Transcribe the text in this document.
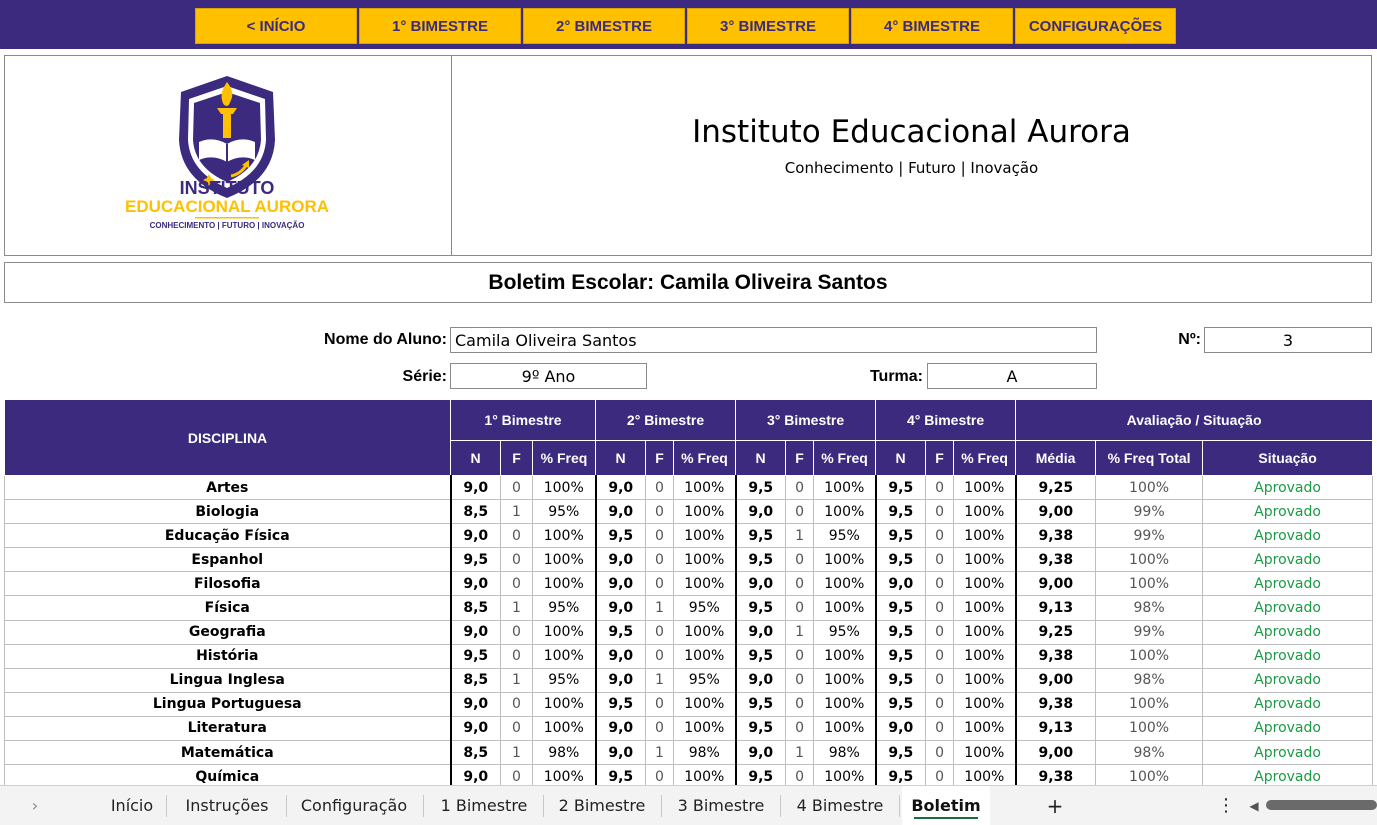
< INÍCIO	1° BIMESTRE	2° BIMESTRE	3° BIMESTRE	4° BIMESTRE	CONFIGURAÇÕES
INSTITUTO
EDUCACIONAL AURORA
CONHECIMENTO | FUTURO | INOVAÇÃO
Instituto Educacional Aurora
Conhecimento | Futuro | Inovação
Boletim Escolar: Camila Oliveira Santos
Nome do Aluno: Camila Oliveira Santos	Nº:	3
Série:	9º Ano	Turma:	A
DISCIPLINA	1° Bimestre			2° Bimestre			3° Bimestre			4° Bimestre			Avaliação / Situação		
	N	F	% Freq	N	F	% Freq	N	F	% Freq	N	F	% Freq	Média	% Freq Total	Situação
Artes	9,0	0	100%	9,0	0	100%	9,5	0	100%	9,5	0	100%	9,25	100%	Aprovado
Biologia	8,5	1	95%	9,0	0	100%	9,0	0	100%	9,5	0	100%	9,00	99%	Aprovado
Educação Física	9,0	0	100%	9,5	0	100%	9,5	1	95%	9,5	0	100%	9,38	99%	Aprovado
Espanhol	9,5	0	100%	9,0	0	100%	9,5	0	100%	9,5	0	100%	9,38	100%	Aprovado
Filosofia	9,0	0	100%	9,0	0	100%	9,0	0	100%	9,0	0	100%	9,00	100%	Aprovado
Física	8,5	1	95%	9,0	1	95%	9,5	0	100%	9,5	0	100%	9,13	98%	Aprovado
Geografia	9,0	0	100%	9,5	0	100%	9,0	1	95%	9,5	0	100%	9,25	99%	Aprovado
História	9,5	0	100%	9,0	0	100%	9,5	0	100%	9,5	0	100%	9,38	100%	Aprovado
Lingua Inglesa	8,5	1	95%	9,0	1	95%	9,0	0	100%	9,5	0	100%	9,00	98%	Aprovado
Lingua Portuguesa	9,0	0	100%	9,5	0	100%	9,5	0	100%	9,5	0	100%	9,38	100%	Aprovado
Literatura	9,0	0	100%	9,0	0	100%	9,5	0	100%	9,0	0	100%	9,13	100%	Aprovado
Matemática	8,5	1	98%	9,0	1	98%	9,0	1	98%	9,5	0	100%	9,00	98%	Aprovado
Química	9,0	0	100%	9,5	0	100%	9,5	0	100%	9,5	0	100%	9,38	100%	Aprovado
›	Início	Instruções	Configuração	1 Bimestre	2 Bimestre	3 Bimestre	4 Bimestre	Boletim	+	⋮ ◀
